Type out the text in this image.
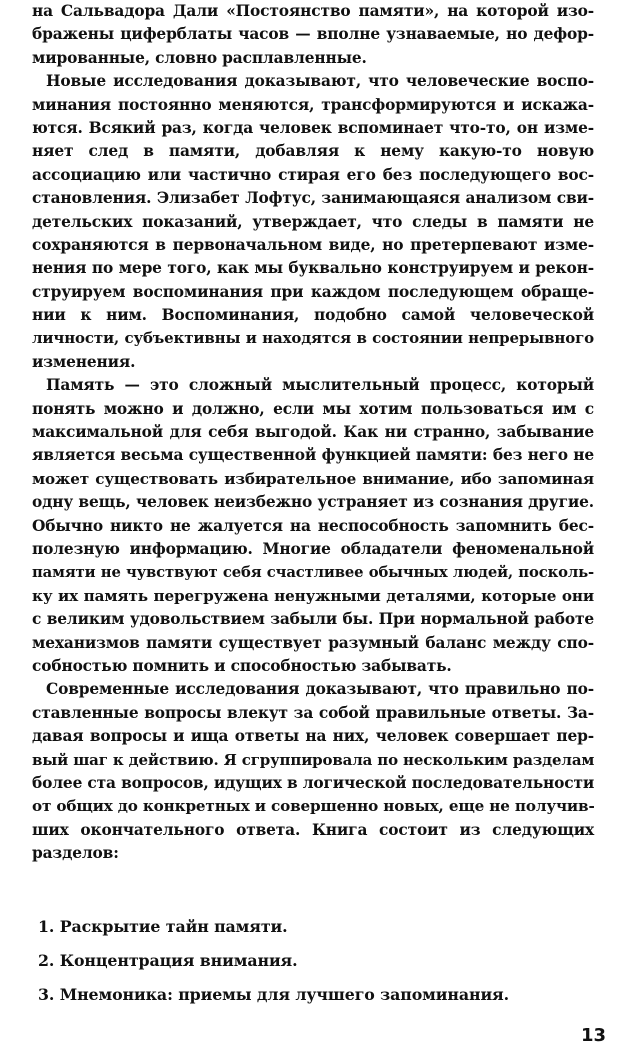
на Сальвадора Дали «Постоянство памяти», на которой изо-
бражены циферблаты часов — вполне узнаваемые, но дефор-
мированные, словно расплавленные.
Новые исследования доказывают, что человеческие воспо-
минания постоянно меняются, трансформируются и искажа-
ются. Всякий раз, когда человек вспоминает что-то, он изме-
няет след в памяти, добавляя к нему какую-то новую
ассоциацию или частично стирая его без последующего вос-
становления. Элизабет Лофтус, занимающаяся анализом сви-
детельских показаний, утверждает, что следы в памяти не
сохраняются в первоначальном виде, но претерпевают изме-
нения по мере того, как мы буквально конструируем и рекон-
струируем воспоминания при каждом последующем обраще-
нии к ним. Воспоминания, подобно самой человеческой
личности, субъективны и находятся в состоянии непрерывного
изменения.
Память — это сложный мыслительный процесс, который
понять можно и должно, если мы хотим пользоваться им с
максимальной для себя выгодой. Как ни странно, забывание
является весьма существенной функцией памяти: без него не
может существовать избирательное внимание, ибо запоминая
одну вещь, человек неизбежно устраняет из сознания другие.
Обычно никто не жалуется на неспособность запомнить бес-
полезную информацию. Многие обладатели феноменальной
памяти не чувствуют себя счастливее обычных людей, посколь-
ку их память перегружена ненужными деталями, которые они
с великим удовольствием забыли бы. При нормальной работе
механизмов памяти существует разумный баланс между спо-
собностью помнить и способностью забывать.
Современные исследования доказывают, что правильно по-
ставленные вопросы влекут за собой правильные ответы. За-
давая вопросы и ища ответы на них, человек совершает пер-
вый шаг к действию. Я сгруппировала по нескольким разделам
более ста вопросов, идущих в логической последовательности
от общих до конкретных и совершенно новых, еще не получив-
ших окончательного ответа. Книга состоит из следующих
разделов:
1. Раскрытие тайн памяти.
2. Концентрация внимания.
3. Мнемоника: приемы для лучшего запоминания.
13
